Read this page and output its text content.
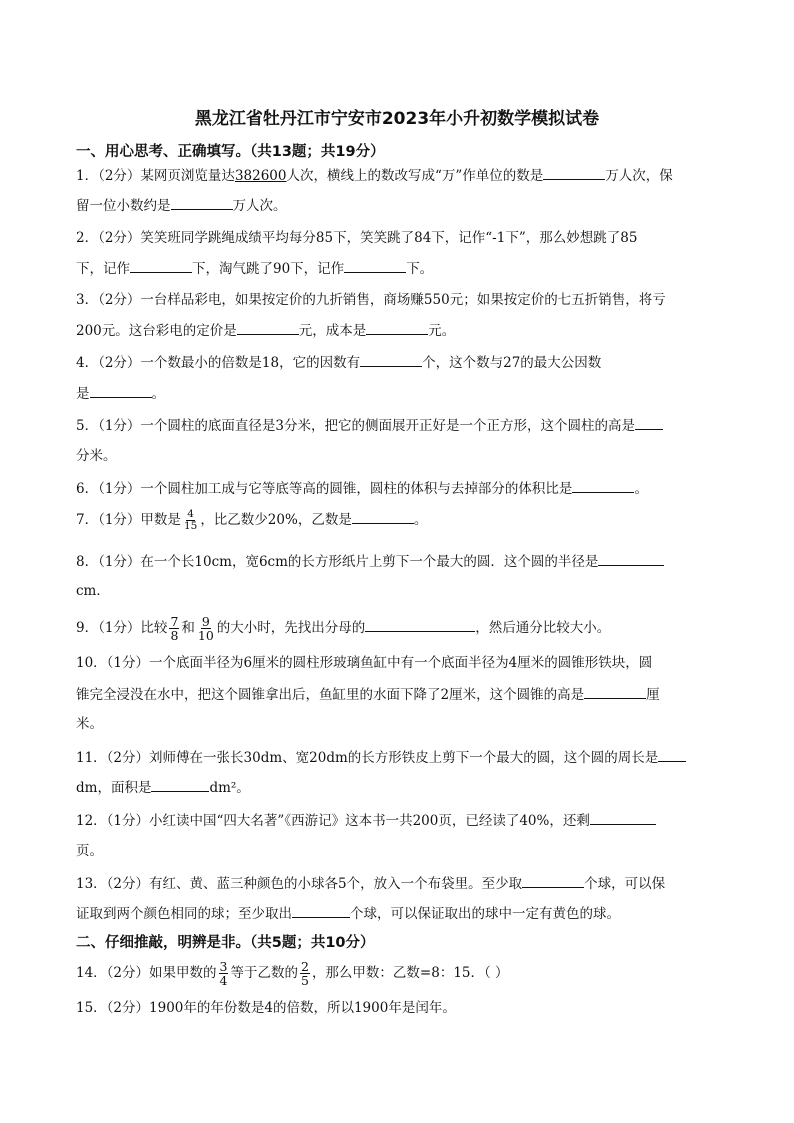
黑龙江省牡丹江市宁安市2023年小升初数学模拟试卷
一、用心思考、正确填写。（共13题；共19分）
1．（2分）某网页浏览量达382600人次，横线上的数改写成“万”作单位的数是	万人次，保
留一位小数约是	万人次。
2．（2分）笑笑班同学跳绳成绩平均每分85下，笑笑跳了84下，记作“-1下”，那么妙想跳了85
下，记作	下，淘气跳了90下，记作	下。
3．（2分）一台样品彩电，如果按定价的九折销售，商场赚550元；如果按定价的七五折销售，将亏
200元。这台彩电的定价是	元，成本是	元。
4．（2分）一个数最小的倍数是18，它的因数有	个，这个数与27的最大公因数
是	。
5．（1分）一个圆柱的底面直径是3分米，把它的侧面展开正好是一个正方形，这个圆柱的高是
分米。
6．（1分）一个圆柱加工成与它等底等高的圆锥，圆柱的体积与去掉部分的体积比是	。
7．（1分）甲数是 $\frac{4}{15}$ ，比乙数少20%，乙数是	。
8．（1分）在一个长10cm，宽6cm的长方形纸片上剪下一个最大的圆．这个圆的半径是
cm．
9．（1分）比较 $\frac{7}{8}$ 和 $\frac{9}{10}$ 的大小时，先找出分母的	，然后通分比较大小。
10．（1分）一个底面半径为6厘米的圆柱形玻璃鱼缸中有一个底面半径为4厘米的圆锥形铁块，圆
锥完全浸没在水中，把这个圆锥拿出后，鱼缸里的水面下降了2厘米，这个圆锥的高是	厘
米。
11．（2分）刘师傅在一张长30dm、宽20dm的长方形铁皮上剪下一个最大的圆，这个圆的周长是
dm，面积是	dm²。
12．（1分）小红读中国“四大名著”《西游记》这本书一共200页，已经读了40%，还剩
页。
13．（2分）有红、黄、蓝三种颜色的小球各5个，放入一个布袋里。至少取	个球，可以保
证取到两个颜色相同的球；至少取出	个球，可以保证取出的球中一定有黄色的球。
二、仔细推敲，明辨是非。（共5题；共10分）
14．（2分）如果甲数的 $\frac{3}{4}$ 等于乙数的 $\frac{2}{5}$ ，那么甲数：乙数=8：15．（ ）
15．（2分）1900年的年份数是4的倍数，所以1900年是闰年。
